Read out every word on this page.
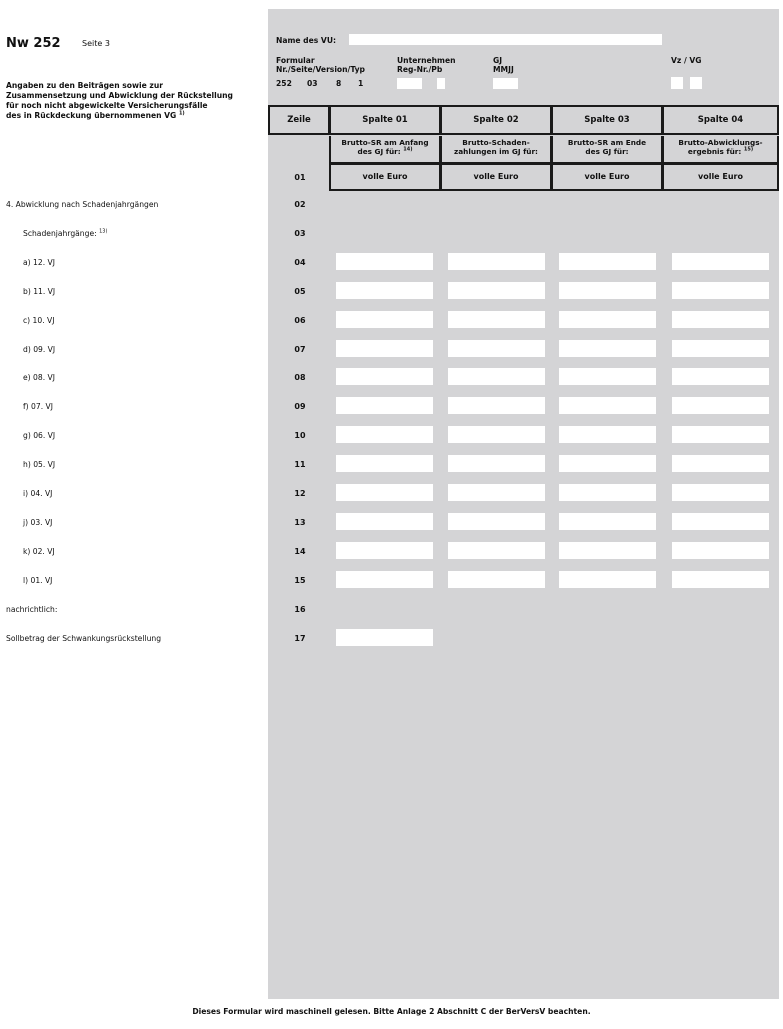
Nw 252	Seite 3
Angaben zu den Beiträgen sowie zur
Zusammensetzung und Abwicklung der Rückstellung
für noch nicht abgewickelte Versicherungsfälle
des in Rückdeckung übernommenen VG $^{1)}$
Name des VU:
Formular
Nr./Seite/Version/Typ
252 03 8 1
Unternehmen
Reg-Nr./Pb
GJ
MMJJ
Vz / VG
Zeile	Spalte 01	Spalte 02	Spalte 03	Spalte 04
Brutto-SR am Anfang
des GJ für: $^{14)}$
Brutto-Schaden-
zahlungen im GJ für:
Brutto-SR am Ende
des GJ für:
Brutto-Abwicklungs-
ergebnis für: $^{15)}$
01	volle Euro	volle Euro	volle Euro	volle Euro
4. Abwicklung nach Schadenjahrgängen	02
Schadenjahrgänge: $^{13)}$	03
a) 12. VJ	04
b) 11. VJ	05
c) 10. VJ	06
d) 09. VJ	07
e) 08. VJ	08
f) 07. VJ	09
g) 06. VJ	10
h) 05. VJ	11
i) 04. VJ	12
j) 03. VJ	13
k) 02. VJ	14
l) 01. VJ	15
nachrichtlich:	16
Sollbetrag der Schwankungsrückstellung	17
Dieses Formular wird maschinell gelesen. Bitte Anlage 2 Abschnitt C der BerVersV beachten.
